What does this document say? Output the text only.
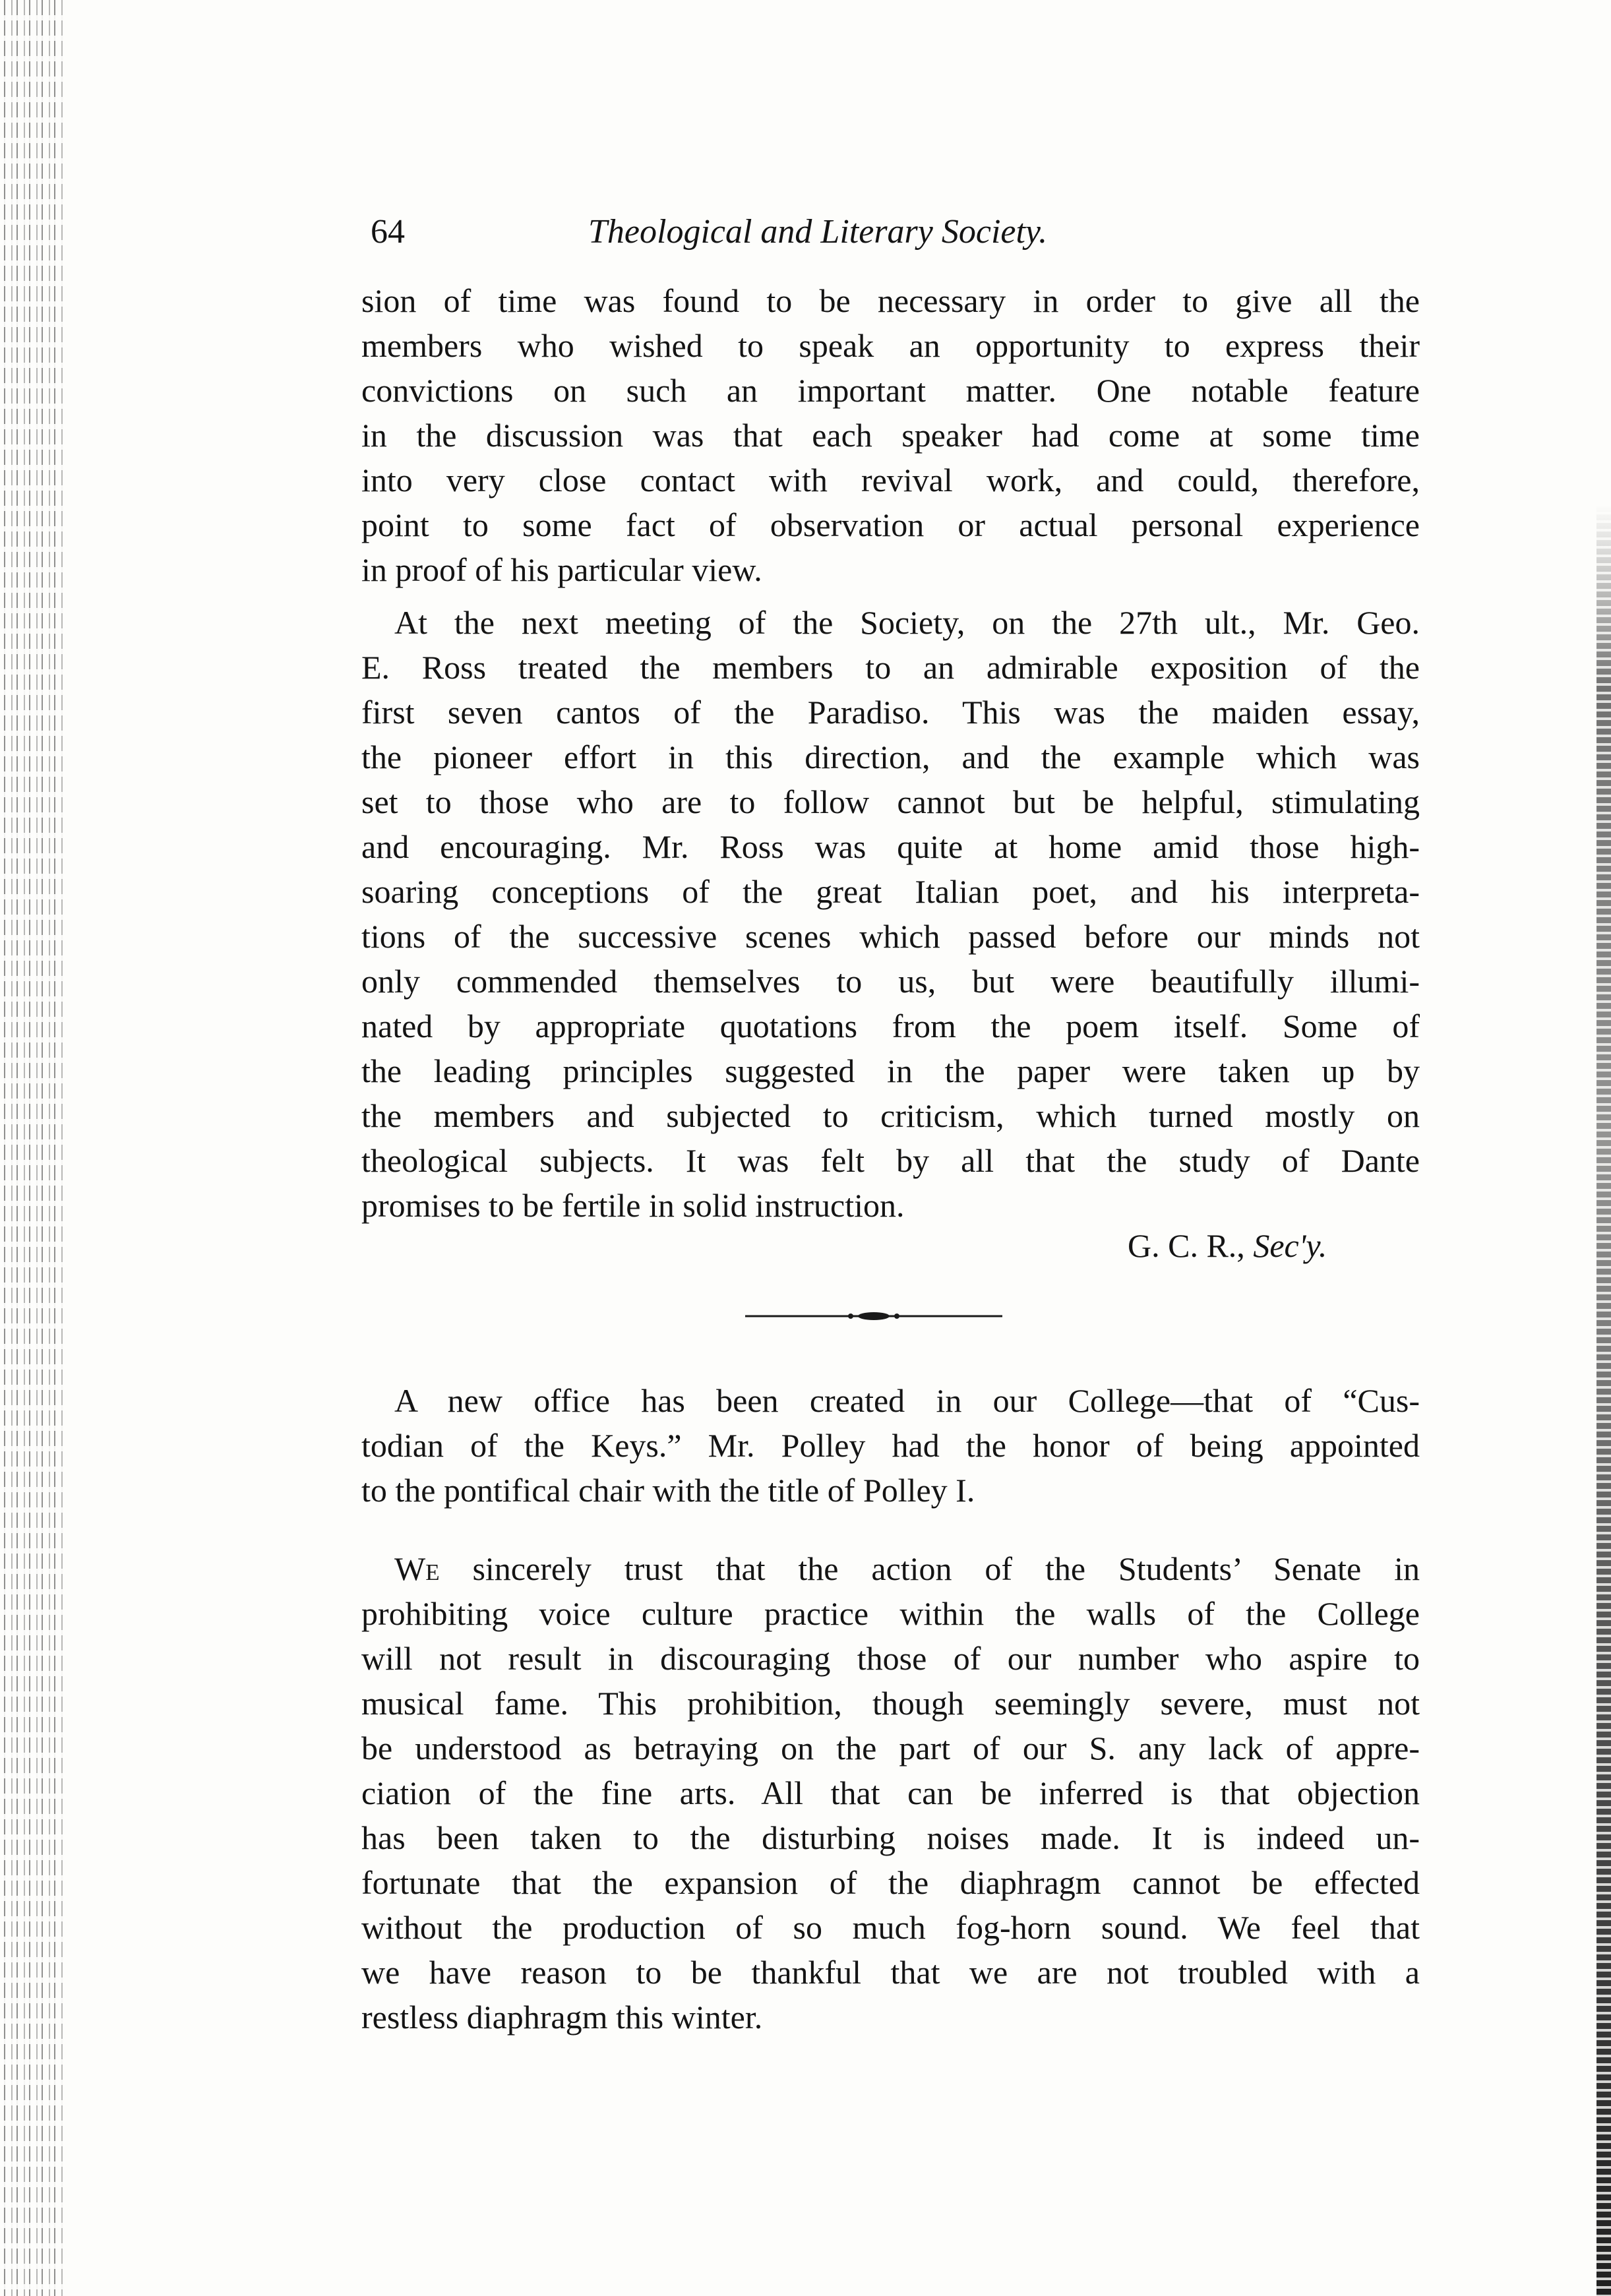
64	Theological and Literary Society.
sion of time was found to be necessary in order to give all the
members who wished to speak an opportunity to express their
convictions on such an important matter. One notable feature
in the discussion was that each speaker had come at some time
into very close contact with revival work, and could, therefore,
point to some fact of observation or actual personal experience
in proof of his particular view.
At the next meeting of the Society, on the 27th ult., Mr. Geo.
E. Ross treated the members to an admirable exposition of the
first seven cantos of the Paradiso. This was the maiden essay,
the pioneer effort in this direction, and the example which was
set to those who are to follow cannot but be helpful, stimulating
and encouraging. Mr. Ross was quite at home amid those high-
soaring conceptions of the great Italian poet, and his interpreta-
tions of the successive scenes which passed before our minds not
only commended themselves to us, but were beautifully illumi-
nated by appropriate quotations from the poem itself. Some of
the leading principles suggested in the paper were taken up by
the members and subjected to criticism, which turned mostly on
theological subjects. It was felt by all that the study of Dante
promises to be fertile in solid instruction.
G. C. R., Sec'y.
A new office has been created in our College—that of “Cus-
todian of the Keys.” Mr. Polley had the honor of being appointed
to the pontifical chair with the title of Polley I.
We sincerely trust that the action of the Students’ Senate in
prohibiting voice culture practice within the walls of the College
will not result in discouraging those of our number who aspire to
musical fame. This prohibition, though seemingly severe, must not
be understood as betraying on the part of our S. any lack of appre-
ciation of the fine arts. All that can be inferred is that objection
has been taken to the disturbing noises made. It is indeed un-
fortunate that the expansion of the diaphragm cannot be effected
without the production of so much fog-horn sound. We feel that
we have reason to be thankful that we are not troubled with a
restless diaphragm this winter.
